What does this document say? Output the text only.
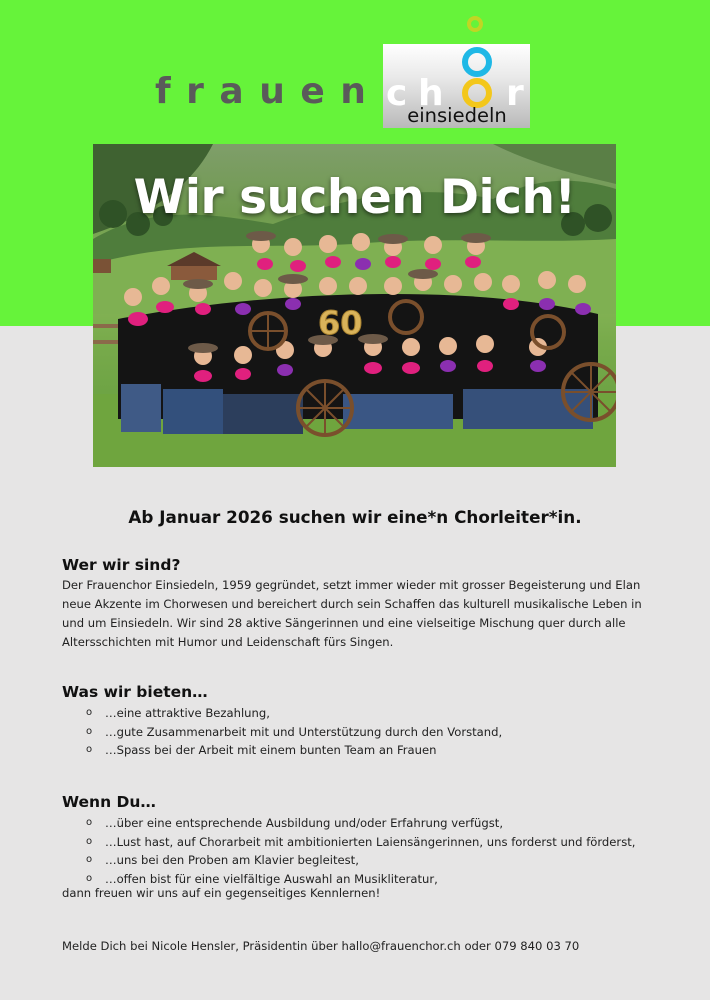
frauen c h r

einsiedeln

60

Wir suchen Dich!

Ab Januar 2026 suchen wir eine*n Chorleiter*in.

Wer wir sind?

Der Frauenchor Einsiedeln, 1959 gegründet, setzt immer wieder mit grosser Begeisterung und Elan
neue Akzente im Chorwesen und bereichert durch sein Schaffen das kulturell musikalische Leben in
und um Einsiedeln. Wir sind 28 aktive Sängerinnen und eine vielseitige Mischung quer durch alle
Altersschichten mit Humor und Leidenschaft fürs Singen.

Was wir bieten…

o …eine attraktive Bezahlung,
o …gute Zusammenarbeit mit und Unterstützung durch den Vorstand,
o …Spass bei der Arbeit mit einem bunten Team an Frauen

Wenn Du…

o …über eine entsprechende Ausbildung und/oder Erfahrung verfügst,
o …Lust hast, auf Chorarbeit mit ambitionierten Laiensängerinnen, uns forderst und förderst,
o …uns bei den Proben am Klavier begleitest,
o …offen bist für eine vielfältige Auswahl an Musikliteratur,

dann freuen wir uns auf ein gegenseitiges Kennlernen!

Melde Dich bei Nicole Hensler, Präsidentin über hallo@frauenchor.ch oder 079 840 03 70
